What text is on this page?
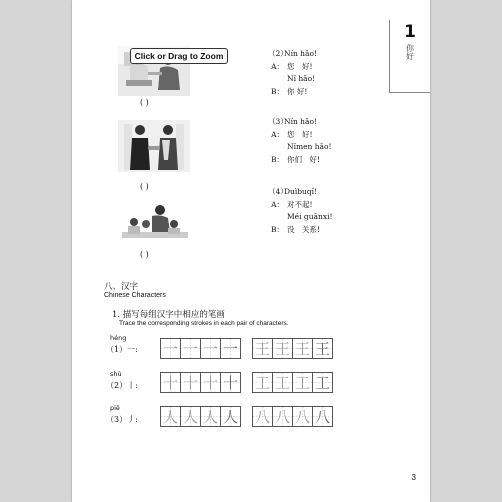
1
你好
( )
Click or Drag to Zoom
( )
( )
（2）Nín hǎo!
A： 您　好!
Nǐ hǎo!
B： 你 好!
（3）Nín hǎo!
A： 您　好!
Nǐmen hǎo!
B： 你们　好!
（4）Duìbuqǐ!
A： 对不起!
Méi guānxi!
B： 没　关系!
八、汉字
Chinese Characters
1. 描写每组汉字中相应的笔画
Trace the corresponding strokes in each pair of characters.
héng
（1）一:
shù
（2）丨:
piě
（3）丿:
一 一 一 一 王 王 王 王
十 十 十 十 工 工 工 工
人 人 人 人 八 八 八 八
3
